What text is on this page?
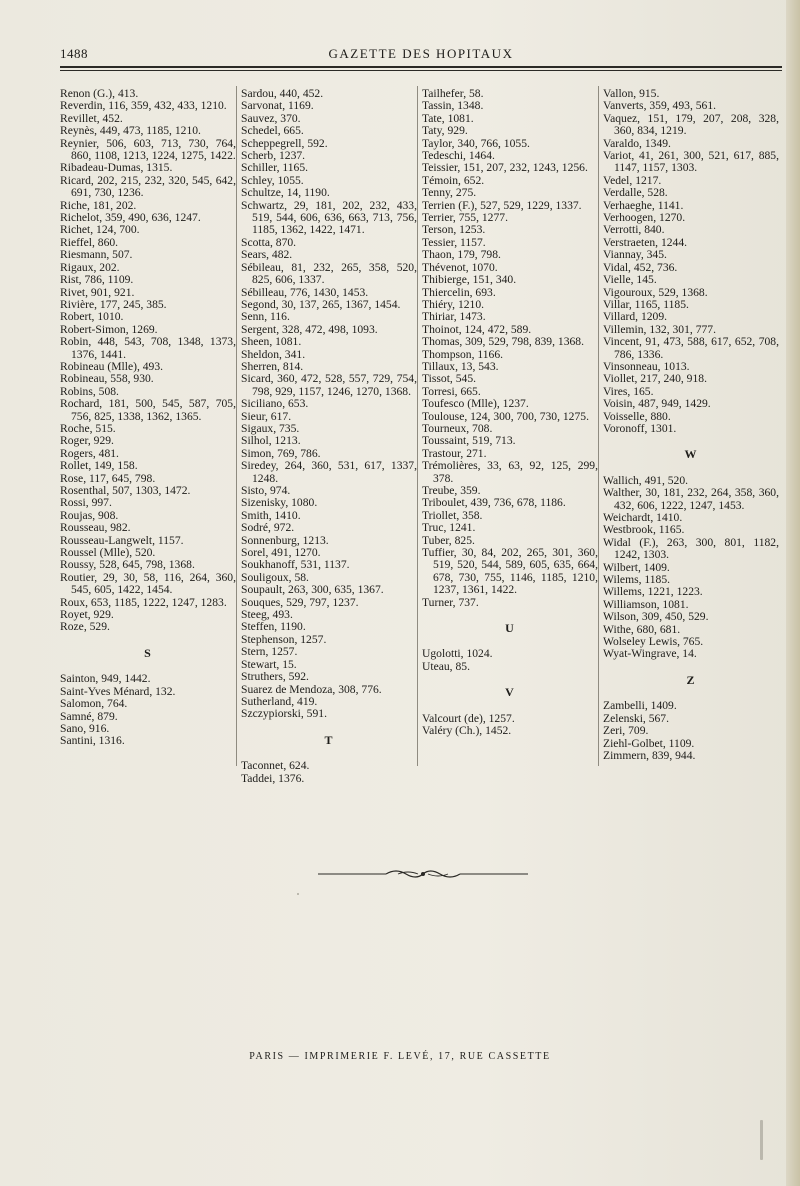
1488	GAZETTE DES HOPITAUX

Renon (G.), 413.

Reverdin, 116, 359, 432, 433, 1210.

Revillet, 452.

Reynès, 449, 473, 1185, 1210.

Reynier, 506, 603, 713, 730, 764, 860, 1108, 1213, 1224, 1275, 1422.

Ribadeau-Dumas, 1315.

Ricard, 202, 215, 232, 320, 545, 642, 691, 730, 1236.

Riche, 181, 202.

Richelot, 359, 490, 636, 1247.

Richet, 124, 700.

Rieffel, 860.

Riesmann, 507.

Rigaux, 202.

Rist, 786, 1109.

Rivet, 901, 921.

Rivière, 177, 245, 385.

Robert, 1010.

Robert-Simon, 1269.

Robin, 448, 543, 708, 1348, 1373, 1376, 1441.

Robineau (Mlle), 493.

Robineau, 558, 930.

Robins, 508.

Rochard, 181, 500, 545, 587, 705, 756, 825, 1338, 1362, 1365.

Roche, 515.

Roger, 929.

Rogers, 481.

Rollet, 149, 158.

Rose, 117, 645, 798.

Rosenthal, 507, 1303, 1472.

Rossi, 997.

Roujas, 908.

Rousseau, 982.

Rousseau-Langwelt, 1157.

Roussel (Mlle), 520.

Roussy, 528, 645, 798, 1368.

Routier, 29, 30, 58, 116, 264, 360, 545, 605, 1422, 1454.

Roux, 653, 1185, 1222, 1247, 1283.

Royet, 929.

Roze, 529.

S

Sainton, 949, 1442.

Saint-Yves Ménard, 132.

Salomon, 764.

Samné, 879.

Sano, 916.

Santini, 1316.

Sardou, 440, 452.

Sarvonat, 1169.

Sauvez, 370.

Schedel, 665.

Scheppegrell, 592.

Scherb, 1237.

Schiller, 1165.

Schley, 1055.

Schultze, 14, 1190.

Schwartz, 29, 181, 202, 232, 433, 519, 544, 606, 636, 663, 713, 756, 1185, 1362, 1422, 1471.

Scotta, 870.

Sears, 482.

Sébileau, 81, 232, 265, 358, 520, 825, 606, 1337.

Sébilleau, 776, 1430, 1453.

Segond, 30, 137, 265, 1367, 1454.

Senn, 116.

Sergent, 328, 472, 498, 1093.

Sheen, 1081.

Sheldon, 341.

Sherren, 814.

Sicard, 360, 472, 528, 557, 729, 754, 798, 929, 1157, 1246, 1270, 1368.

Siciliano, 653.

Sieur, 617.

Sigaux, 735.

Silhol, 1213.

Simon, 769, 786.

Siredey, 264, 360, 531, 617, 1337, 1248.

Sisto, 974.

Sizenisky, 1080.

Smith, 1410.

Sodré, 972.

Sonnenburg, 1213.

Sorel, 491, 1270.

Soukhanoff, 531, 1137.

Souligoux, 58.

Soupault, 263, 300, 635, 1367.

Souques, 529, 797, 1237.

Steeg, 493.

Steffen, 1190.

Stephenson, 1257.

Stern, 1257.

Stewart, 15.

Struthers, 592.

Suarez de Mendoza, 308, 776.

Sutherland, 419.

Szczypiorski, 591.

T

Taconnet, 624.

Taddei, 1376.

Tailhefer, 58.

Tassin, 1348.

Tate, 1081.

Taty, 929.

Taylor, 340, 766, 1055.

Tedeschi, 1464.

Teissier, 151, 207, 232, 1243, 1256.

Témoin, 652.

Tenny, 275.

Terrien (F.), 527, 529, 1229, 1337.

Terrier, 755, 1277.

Terson, 1253.

Tessier, 1157.

Thaon, 179, 798.

Thévenot, 1070.

Thibierge, 151, 340.

Thiercelin, 693.

Thiéry, 1210.

Thiriar, 1473.

Thoinot, 124, 472, 589.

Thomas, 309, 529, 798, 839, 1368.

Thompson, 1166.

Tillaux, 13, 543.

Tissot, 545.

Torresi, 665.

Toufesco (Mlle), 1237.

Toulouse, 124, 300, 700, 730, 1275.

Tourneux, 708.

Toussaint, 519, 713.

Trastour, 271.

Trémolières, 33, 63, 92, 125, 299, 378.

Treube, 359.

Triboulet, 439, 736, 678, 1186.

Triollet, 358.

Truc, 1241.

Tuber, 825.

Tuffier, 30, 84, 202, 265, 301, 360, 519, 520, 544, 589, 605, 635, 664, 678, 730, 755, 1146, 1185, 1210, 1237, 1361, 1422.

Turner, 737.

U

Ugolotti, 1024.

Uteau, 85.

V

Valcourt (de), 1257.

Valéry (Ch.), 1452.

Vallon, 915.

Vanverts, 359, 493, 561.

Vaquez, 151, 179, 207, 208, 328, 360, 834, 1219.

Varaldo, 1349.

Variot, 41, 261, 300, 521, 617, 885, 1147, 1157, 1303.

Vedel, 1217.

Verdalle, 528.

Verhaeghe, 1141.

Verhoogen, 1270.

Verrotti, 840.

Verstraeten, 1244.

Viannay, 345.

Vidal, 452, 736.

Vielle, 145.

Vigouroux, 529, 1368.

Villar, 1165, 1185.

Villard, 1209.

Villemin, 132, 301, 777.

Vincent, 91, 473, 588, 617, 652, 708, 786, 1336.

Vinsonneau, 1013.

Viollet, 217, 240, 918.

Vires, 165.

Voisin, 487, 949, 1429.

Voisselle, 880.

Voronoff, 1301.

W

Wallich, 491, 520.

Walther, 30, 181, 232, 264, 358, 360, 432, 606, 1222, 1247, 1453.

Weichardt, 1410.

Westbrook, 1165.

Widal (F.), 263, 300, 801, 1182, 1242, 1303.

Wilbert, 1409.

Wilems, 1185.

Willems, 1221, 1223.

Williamson, 1081.

Wilson, 309, 450, 529.

Withe, 680, 681.

Wolseley Lewis, 765.

Wyat-Wingrave, 14.

Z

Zambelli, 1409.

Zelenski, 567.

Zeri, 709.

Ziehl-Golbet, 1109.

Zimmern, 839, 944.

PARIS — IMPRIMERIE F. LEVÉ, 17, RUE CASSETTE
